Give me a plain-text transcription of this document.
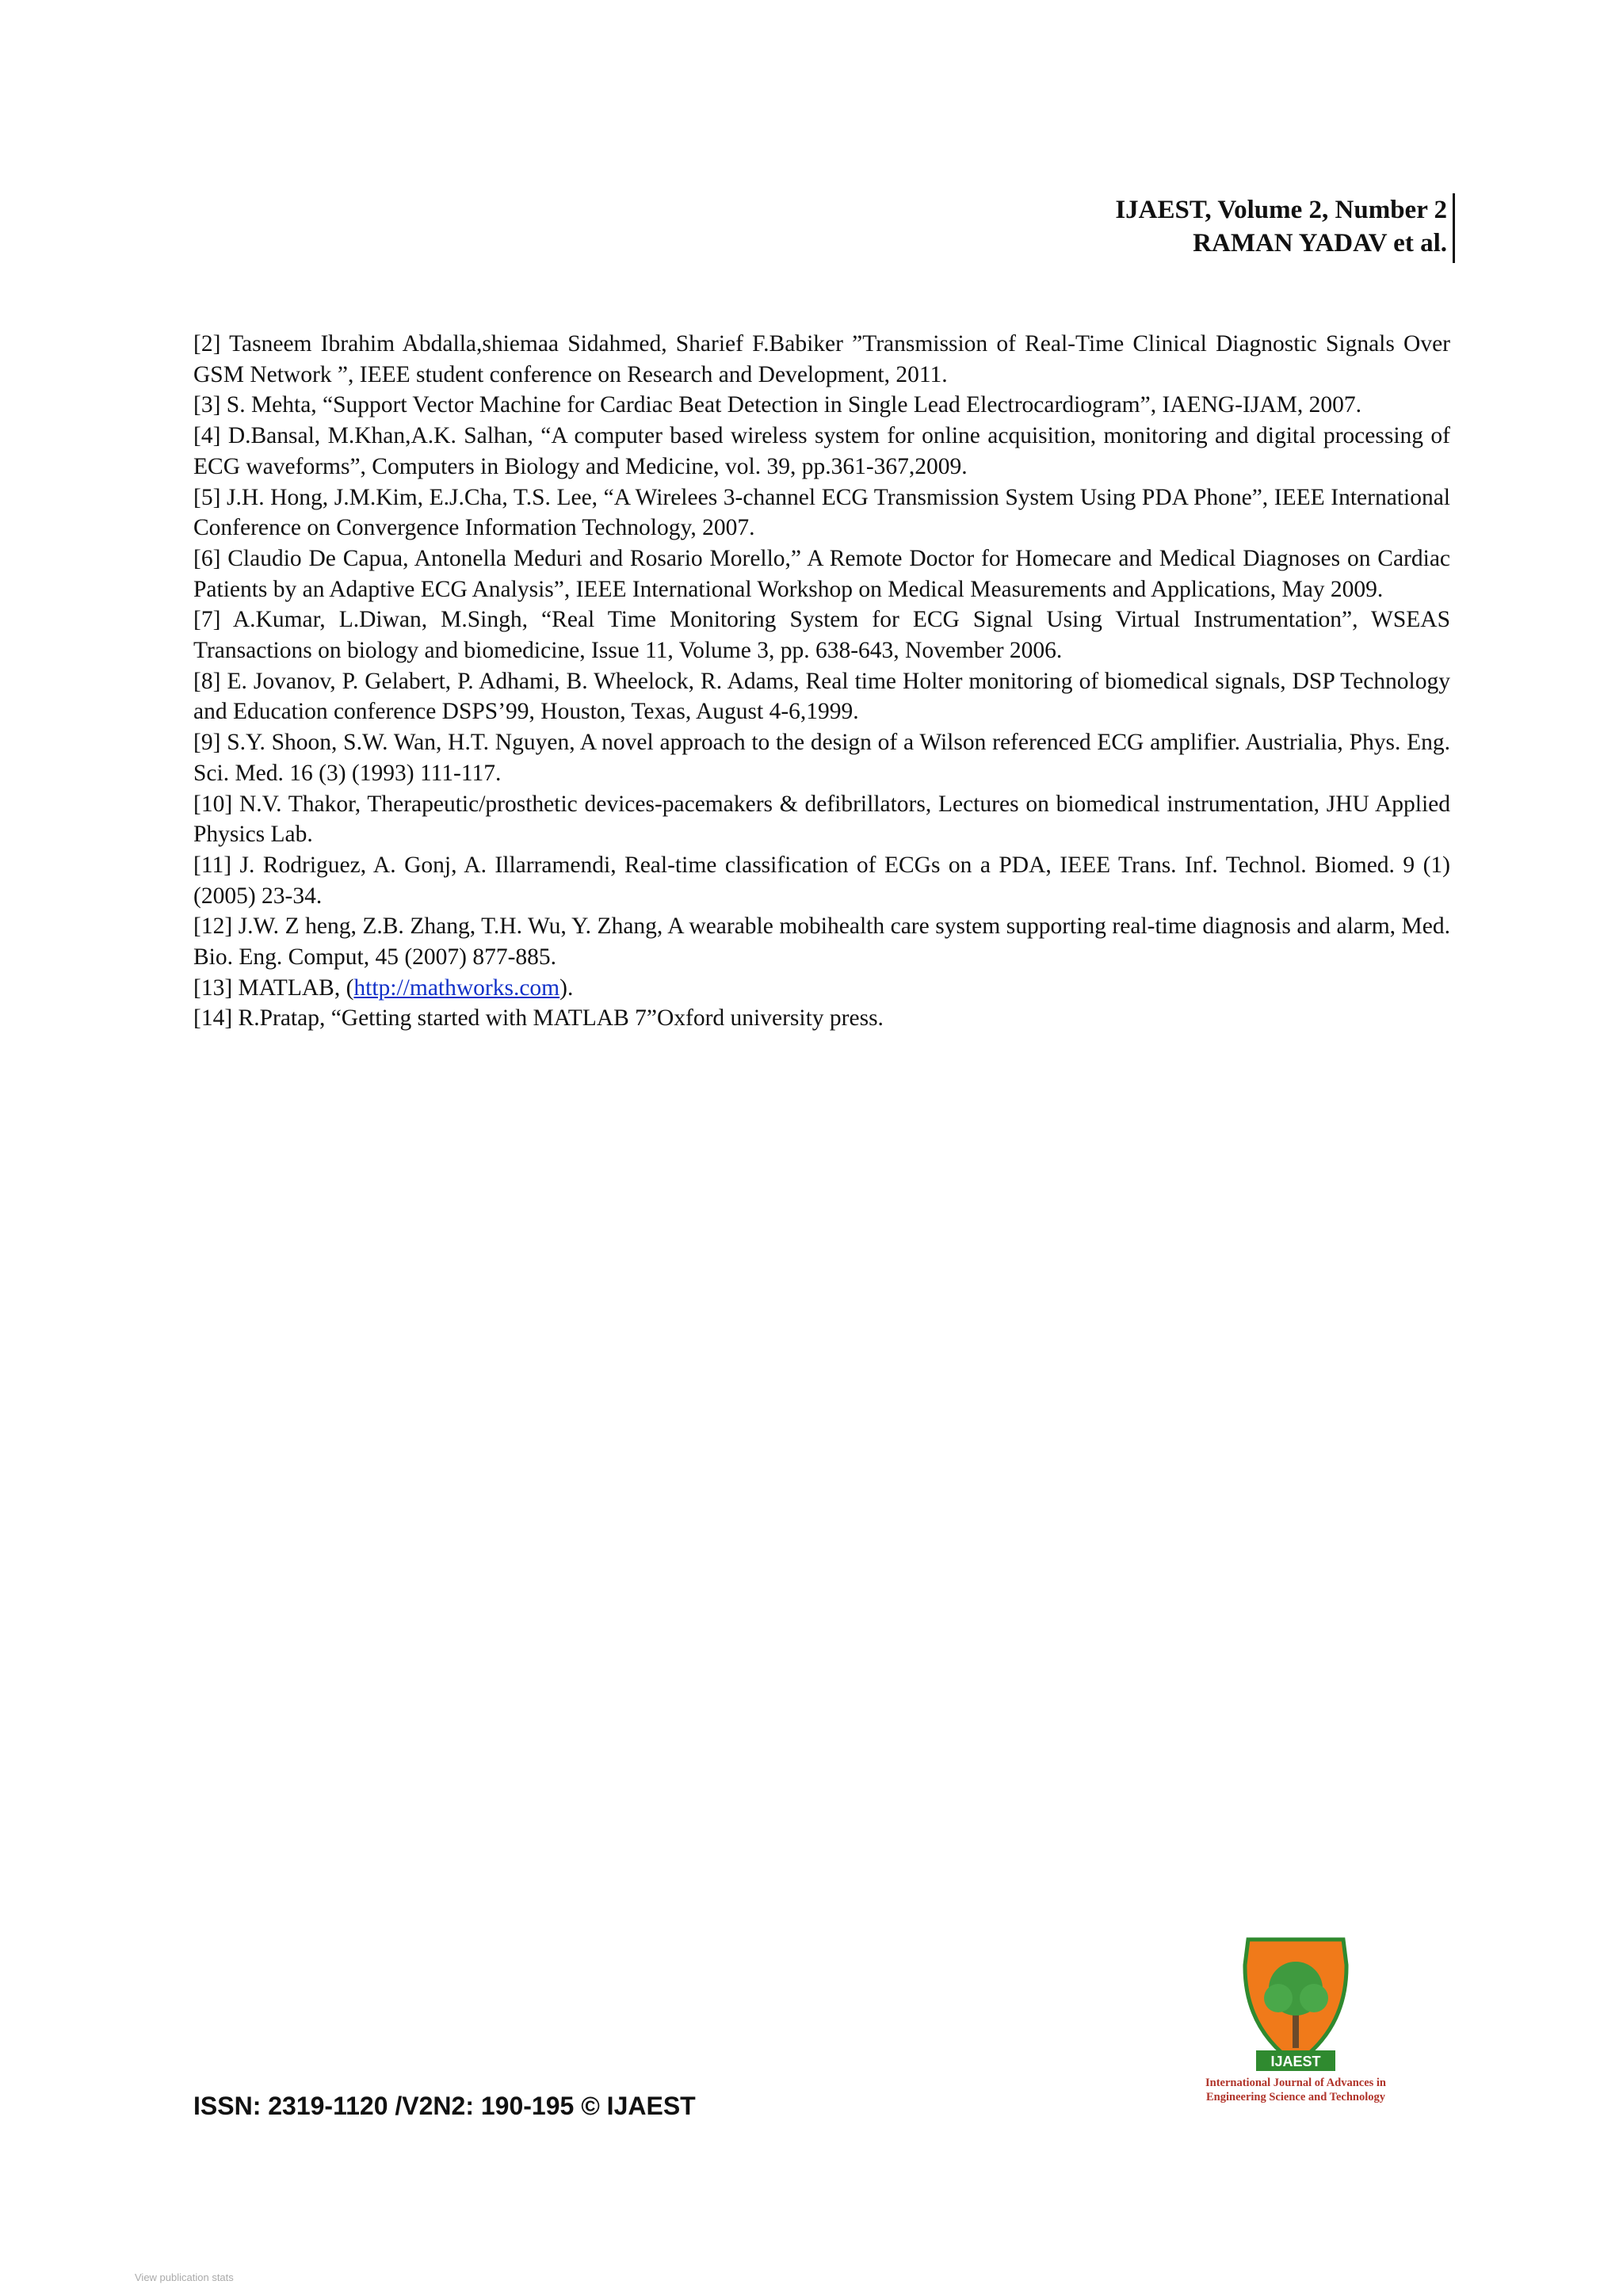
IJAEST, Volume 2, Number 2
RAMAN YADAV et al.
[2] Tasneem Ibrahim Abdalla,shiemaa Sidahmed, Sharief F.Babiker ”Transmission of Real-Time Clinical Diagnostic Signals Over GSM Network ”, IEEE student conference on Research and Development, 2011.
[3] S. Mehta, “Support Vector Machine for Cardiac Beat Detection in Single Lead Electrocardiogram”, IAENG-IJAM, 2007.
[4] D.Bansal, M.Khan,A.K. Salhan, “A computer based wireless system for online acquisition, monitoring and digital processing of ECG waveforms”, Computers in Biology and Medicine, vol. 39, pp.361-367,2009.
[5] J.H. Hong, J.M.Kim, E.J.Cha, T.S. Lee, “A Wirelees 3-channel ECG Transmission System Using PDA Phone”, IEEE International Conference on Convergence Information Technology, 2007.
[6] Claudio De Capua, Antonella Meduri and Rosario Morello,” A Remote Doctor for Homecare and Medical Diagnoses on Cardiac Patients by an Adaptive ECG Analysis”, IEEE International Workshop on Medical Measurements and Applications, May 2009.
[7] A.Kumar, L.Diwan, M.Singh, “Real Time Monitoring System for ECG Signal Using Virtual Instrumentation”, WSEAS Transactions on biology and biomedicine, Issue 11, Volume 3, pp. 638-643, November 2006.
[8] E. Jovanov, P. Gelabert, P. Adhami, B. Wheelock, R. Adams, Real time Holter monitoring of biomedical signals, DSP Technology and Education conference DSPS’99, Houston, Texas, August 4-6,1999.
[9] S.Y. Shoon, S.W. Wan, H.T. Nguyen, A novel approach to the design of a Wilson referenced ECG amplifier. Austrialia, Phys. Eng. Sci. Med. 16 (3) (1993) 111-117.
[10] N.V. Thakor, Therapeutic/prosthetic devices-pacemakers & defibrillators, Lectures on biomedical instrumentation, JHU Applied Physics Lab.
[11] J. Rodriguez, A. Gonj, A. Illarramendi, Real-time classification of ECGs on a PDA, IEEE Trans. Inf. Technol. Biomed. 9 (1) (2005) 23-34.
[12] J.W. Z heng, Z.B. Zhang, T.H. Wu, Y. Zhang, A wearable mobihealth care system supporting real-time diagnosis and alarm, Med. Bio. Eng. Comput, 45 (2007) 877-885.
[13] MATLAB, (http://mathworks.com).
[14] R.Pratap, “Getting started with MATLAB 7”Oxford university press.
ISSN: 2319-1120 /V2N2: 190-195 © IJAEST
IJAEST
International Journal of Advances in
Engineering Science and Technology
View publication stats
